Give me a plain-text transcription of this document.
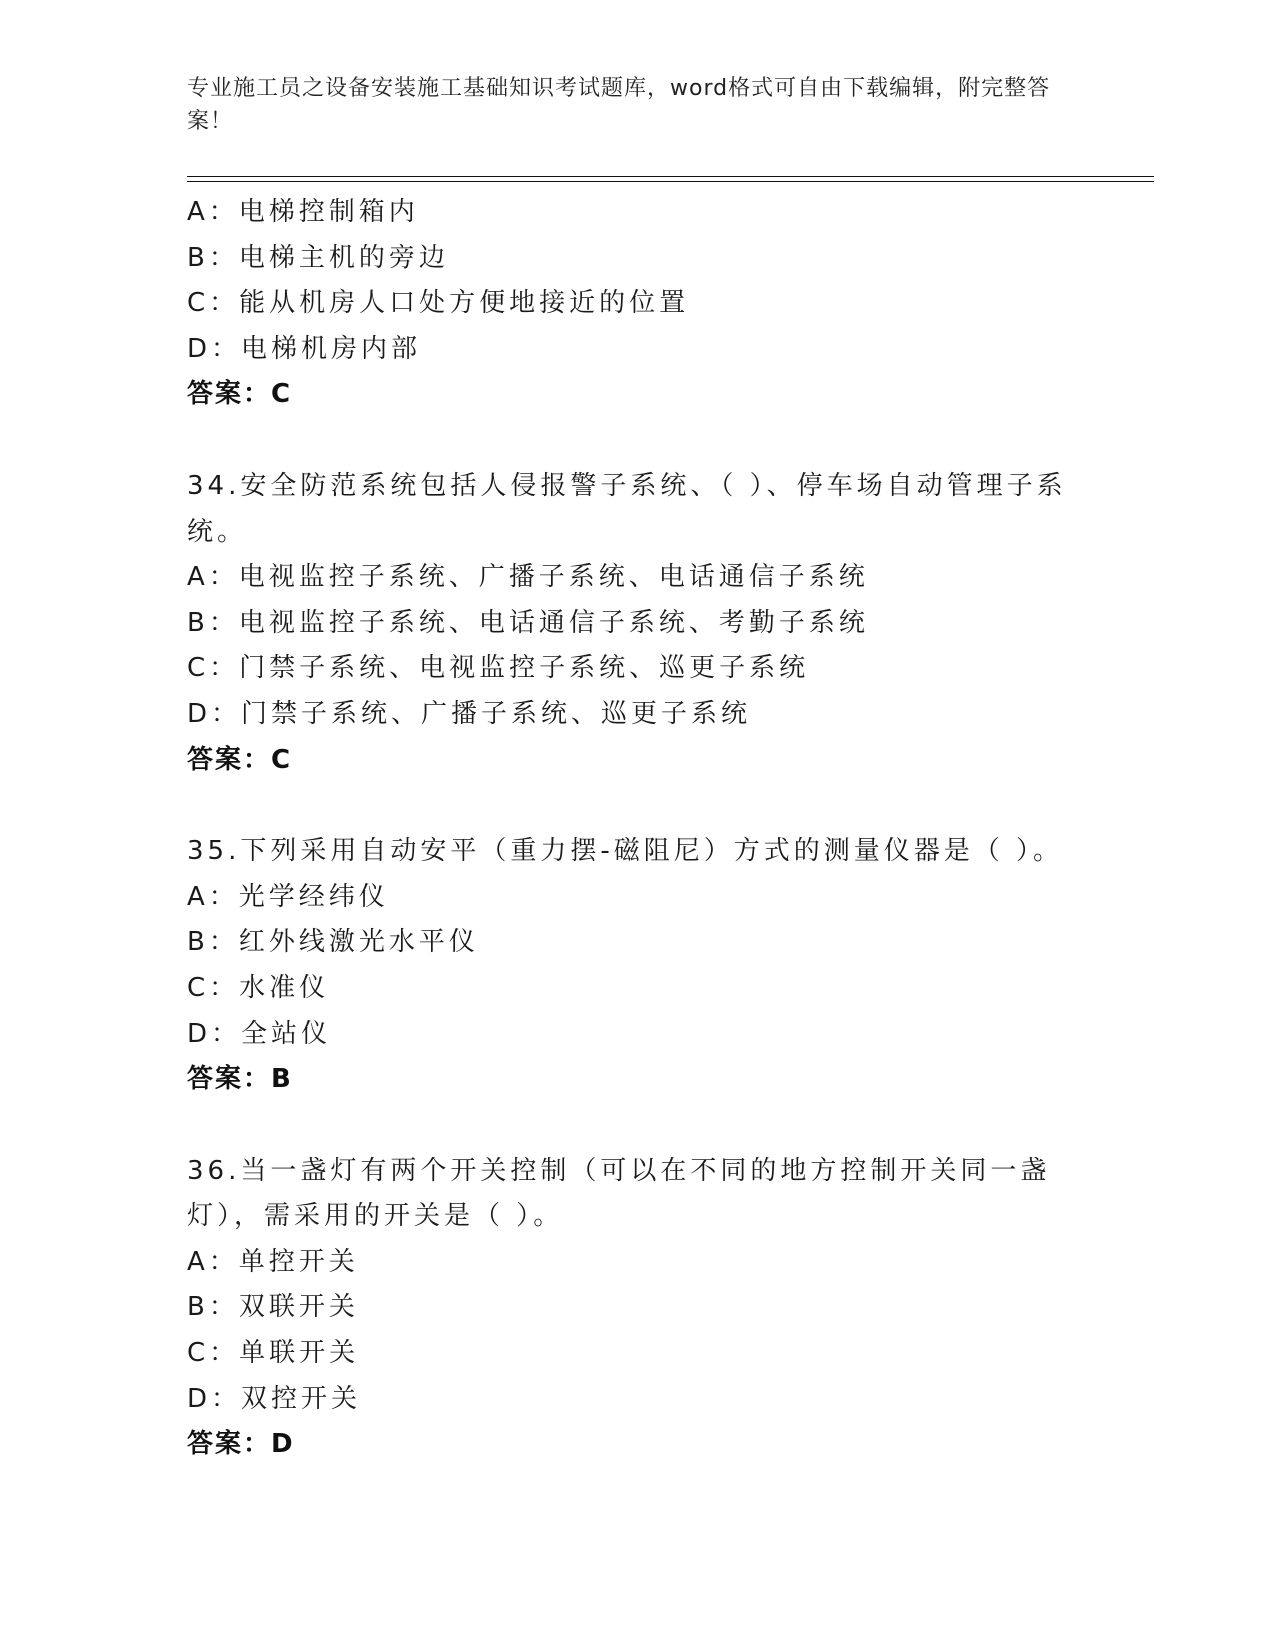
专业施工员之设备安装施工基础知识考试题库，word格式可自由下载编辑，附完整答案！
A：电梯控制箱内
B：电梯主机的旁边
C：能从机房人口处方便地接近的位置
D：电梯机房内部
答案：C
34.安全防范系统包括人侵报警子系统、（ ）、停车场自动管理子系统。
A：电视监控子系统、广播子系统、电话通信子系统
B：电视监控子系统、电话通信子系统、考勤子系统
C：门禁子系统、电视监控子系统、巡更子系统
D：门禁子系统、广播子系统、巡更子系统
答案：C
35.下列采用自动安平（重力摆-磁阻尼）方式的测量仪器是（ ）。
A：光学经纬仪
B：红外线激光水平仪
C：水准仪
D：全站仪
答案：B
36.当一盏灯有两个开关控制（可以在不同的地方控制开关同一盏灯），需采用的开关是（ ）。
A：单控开关
B：双联开关
C：单联开关
D：双控开关
答案：D
